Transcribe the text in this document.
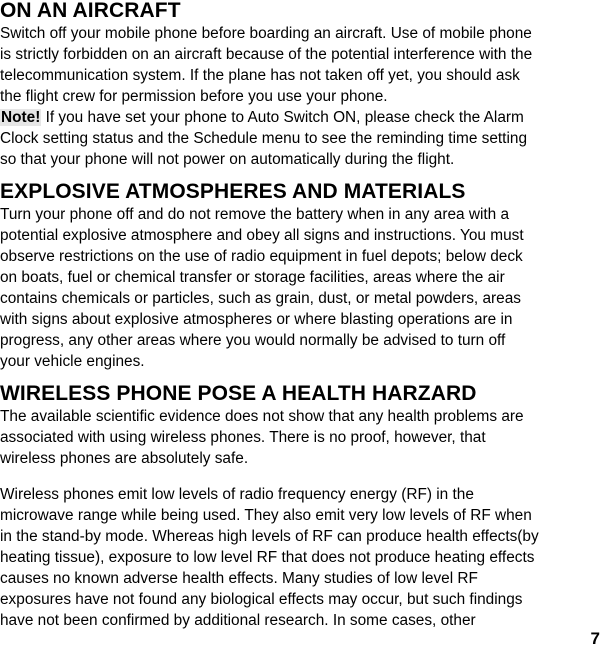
ON AN AIRCRAFT
Switch off your mobile phone before boarding an aircraft. Use of mobile phone
is strictly forbidden on an aircraft because of the potential interference with the
telecommunication system. If the plane has not taken off yet, you should ask
the flight crew for permission before you use your phone.
Note! If you have set your phone to Auto Switch ON, please check the Alarm
Clock setting status and the Schedule menu to see the reminding time setting
so that your phone will not power on automatically during the flight.
EXPLOSIVE ATMOSPHERES AND MATERIALS
Turn your phone off and do not remove the battery when in any area with a
potential explosive atmosphere and obey all signs and instructions. You must
observe restrictions on the use of radio equipment in fuel depots; below deck
on boats, fuel or chemical transfer or storage facilities, areas where the air
contains chemicals or particles, such as grain, dust, or metal powders, areas
with signs about explosive atmospheres or where blasting operations are in
progress, any other areas where you would normally be advised to turn off
your vehicle engines.
WIRELESS PHONE POSE A HEALTH HARZARD
The available scientific evidence does not show that any health problems are
associated with using wireless phones. There is no proof, however, that
wireless phones are absolutely safe.
Wireless phones emit low levels of radio frequency energy (RF) in the
microwave range while being used. They also emit very low levels of RF when
in the stand-by mode. Whereas high levels of RF can produce health effects(by
heating tissue), exposure to low level RF that does not produce heating effects
causes no known adverse health effects. Many studies of low level RF
exposures have not found any biological effects may occur, but such findings
have not been confirmed by additional research. In some cases, other
7
